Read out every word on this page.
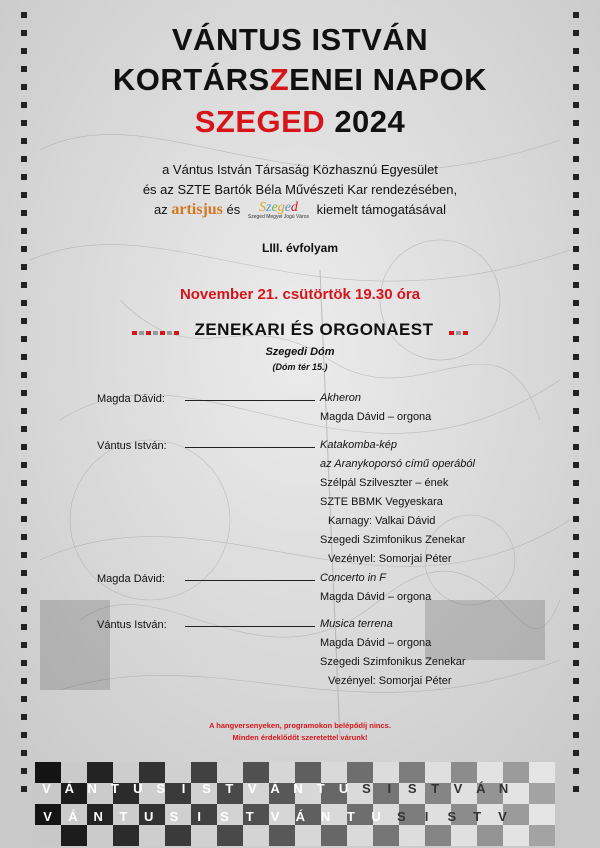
VÁNTUS ISTVÁN
KORTÁRSZENEI NAPOK
SZEGED 2024
a Vántus István Társaság Közhasznú Egyesület
és az SZTE Bartók Béla Művészeti Kar rendezésében,
az artisjus és	Szeged
Szeged Megyei Jogú Város
kiemelt támogatásával
LIII. évfolyam
November 21. csütörtök 19.30 óra
ZENEKARI ÉS ORGONAEST
Szegedi Dóm
(Dóm tér 15.)
Magda Dávid:	Akheron
Magda Dávid – orgona
Vántus István:	Katakomba-kép
az Aranykoporsó című operából
Szélpál Szilveszter – ének
SZTE BBMK Vegyeskara
Karnagy: Valkai Dávid
Szegedi Szimfonikus Zenekar
Vezényel: Somorjai Péter
Magda Dávid:	Concerto in F
Magda Dávid – orgona
Vántus István:	Musica terrena
Magda Dávid – orgona
Szegedi Szimfonikus Zenekar
Vezényel: Somorjai Péter
A hangversenyeken, programokon belépődíj nincs.
Minden érdeklődőt szeretettel várunk!
V	Á	N	T	U	S	I	S	T	V	Á	N	T	U	S	I	S	T	V	Á	N
V	Á	N	T	U	S	I	S	T	V	Á	N	T	U	S	I	S	T	V
